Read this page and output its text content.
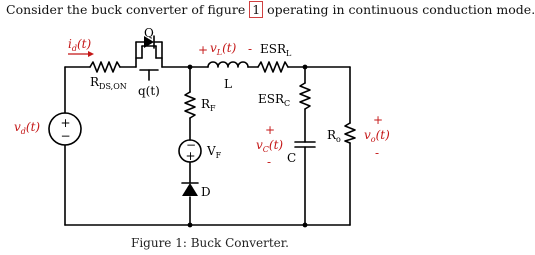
Consider the buck converter of figure 1 operating in continuous conduction mode.
+
−
+
−
$i_d(t)$
Q
q(t)
$R_{DS,ON}$
+ $v_L(t)$ -
L
$ESR_L$
$ESR_C$
$R_F$
$V_F$
D
$v_d(t)$	+
$v_C(t)$
- C
$R_o$
+
$v_o(t)$
-
Figure 1: Buck Converter.
